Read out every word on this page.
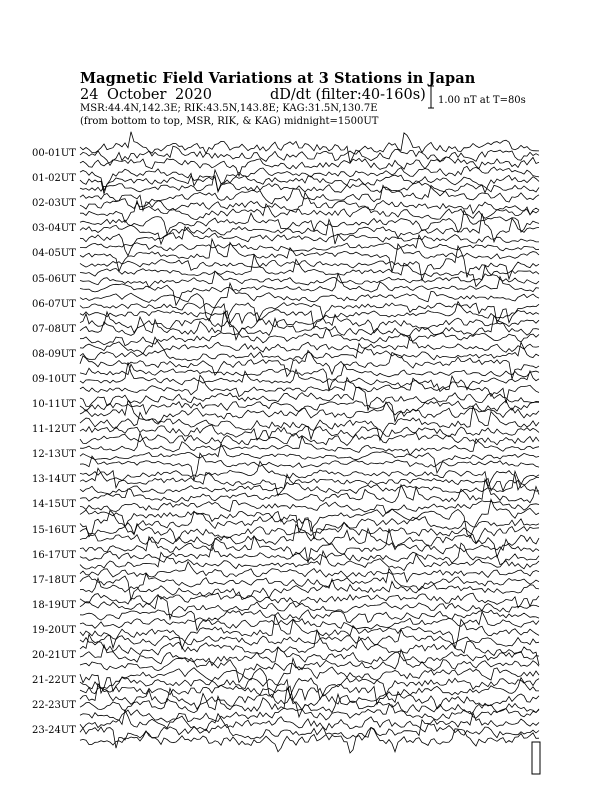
Magnetic Field Variations at 3 Stations in Japan
24 October 2020	dD/dt (filter:40-160s)
MSR:44.4N,142.3E; RIK:43.5N,143.8E; KAG:31.5N,130.7E
(from bottom to top, MSR, RIK, & KAG) midnight=1500UT
1.00 nT at T=80s
00-01UT
01-02UT
02-03UT
03-04UT
04-05UT
05-06UT
06-07UT
07-08UT
08-09UT
09-10UT
10-11UT
11-12UT
12-13UT
13-14UT
14-15UT
15-16UT
16-17UT
17-18UT
18-19UT
19-20UT
20-21UT
21-22UT
22-23UT
23-24UT
